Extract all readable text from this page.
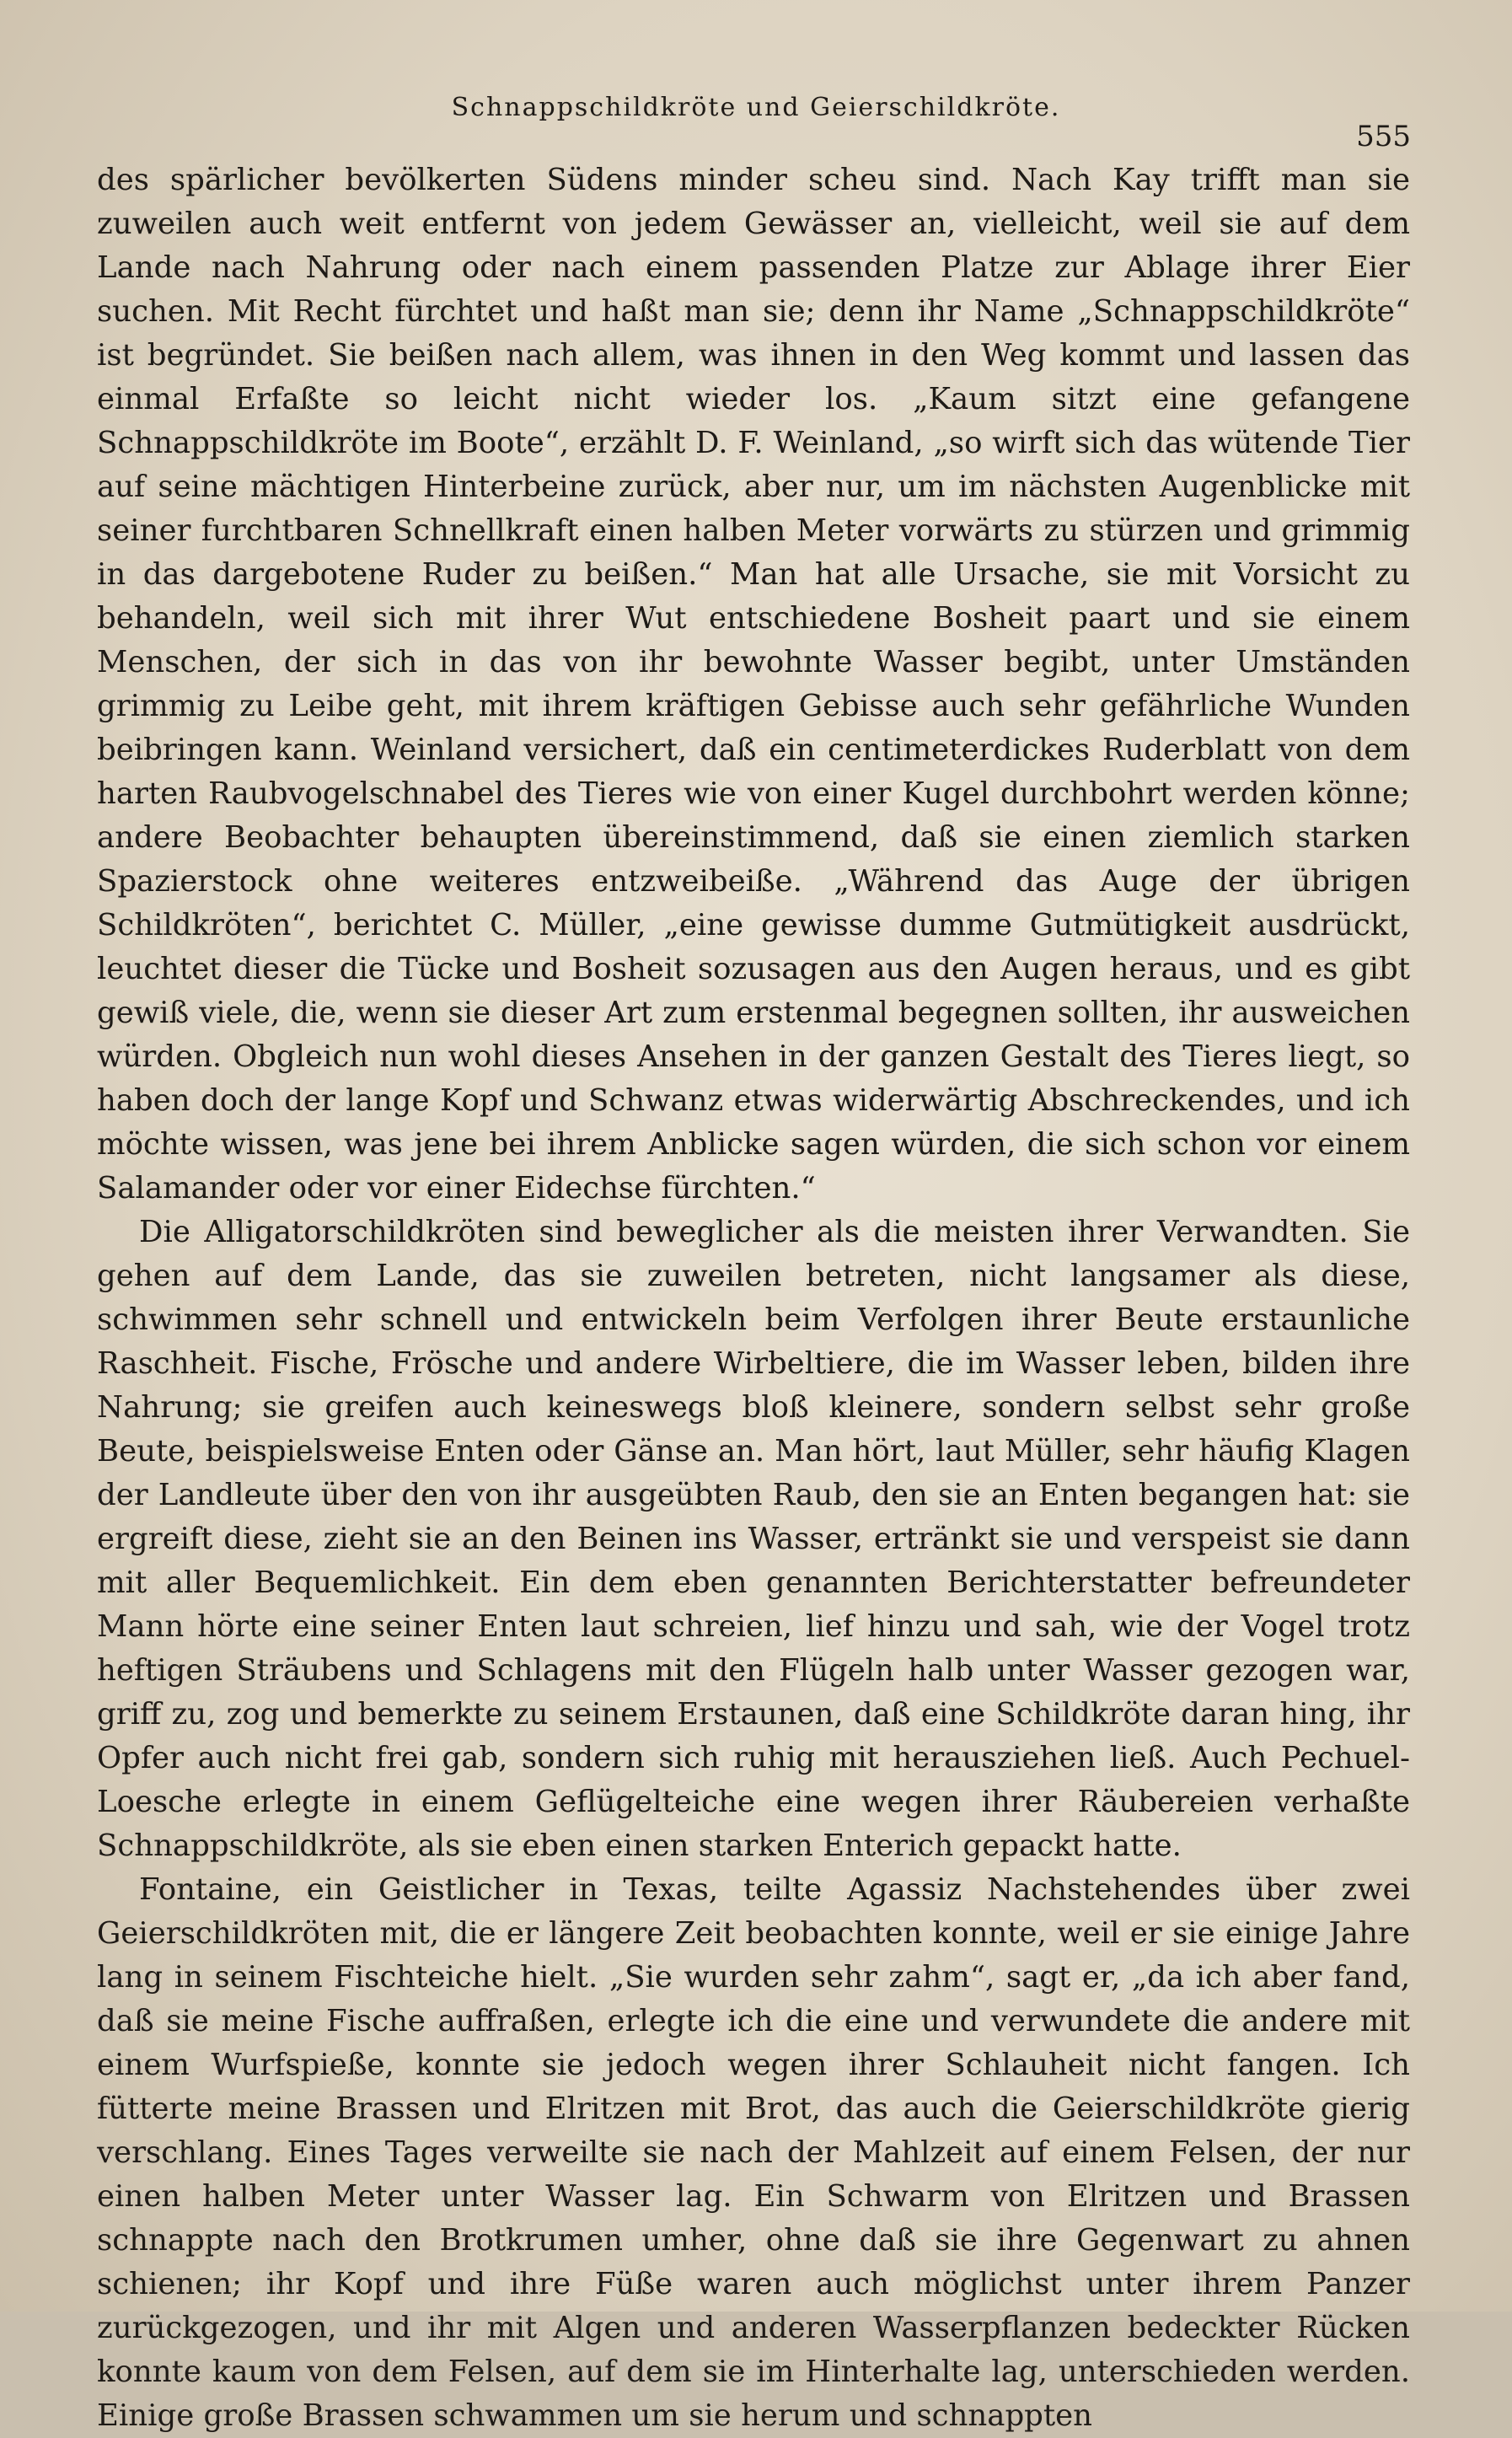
Schnappschildkröte und Geierschildkröte.
555

des spärlicher bevölkerten Südens minder scheu sind. Nach Kay trifft man sie zuweilen auch weit entfernt von jedem Gewässer an, vielleicht, weil sie auf dem Lande nach Nahrung oder nach einem passenden Platze zur Ablage ihrer Eier suchen. Mit Recht fürchtet und haßt man sie; denn ihr Name „Schnappschildkröte“ ist begründet. Sie beißen nach allem, was ihnen in den Weg kommt und lassen das einmal Erfaßte so leicht nicht wieder los. „Kaum sitzt eine gefangene Schnappschildkröte im Boote“, erzählt D. F. Weinland, „so wirft sich das wütende Tier auf seine mächtigen Hinterbeine zurück, aber nur, um im nächsten Augenblicke mit seiner furchtbaren Schnellkraft einen halben Meter vorwärts zu stürzen und grimmig in das dargebotene Ruder zu beißen.“ Man hat alle Ursache, sie mit Vorsicht zu behandeln, weil sich mit ihrer Wut entschiedene Bosheit paart und sie einem Menschen, der sich in das von ihr bewohnte Wasser begibt, unter Umständen grimmig zu Leibe geht, mit ihrem kräftigen Gebisse auch sehr gefährliche Wunden beibringen kann. Weinland versichert, daß ein centimeterdickes Ruderblatt von dem harten Raubvogelschnabel des Tieres wie von einer Kugel durchbohrt werden könne; andere Beobachter behaupten übereinstimmend, daß sie einen ziemlich starken Spazierstock ohne weiteres entzweibeiße. „Während das Auge der übrigen Schildkröten“, berichtet C. Müller, „eine gewisse dumme Gutmütigkeit ausdrückt, leuchtet dieser die Tücke und Bosheit sozusagen aus den Augen heraus, und es gibt gewiß viele, die, wenn sie dieser Art zum erstenmal begegnen sollten, ihr ausweichen würden. Obgleich nun wohl dieses Ansehen in der ganzen Gestalt des Tieres liegt, so haben doch der lange Kopf und Schwanz etwas widerwärtig Abschreckendes, und ich möchte wissen, was jene bei ihrem Anblicke sagen würden, die sich schon vor einem Salamander oder vor einer Eidechse fürchten.“

Die Alligatorschildkröten sind beweglicher als die meisten ihrer Verwandten. Sie gehen auf dem Lande, das sie zuweilen betreten, nicht langsamer als diese, schwimmen sehr schnell und entwickeln beim Verfolgen ihrer Beute erstaunliche Raschheit. Fische, Frösche und andere Wirbeltiere, die im Wasser leben, bilden ihre Nahrung; sie greifen auch keineswegs bloß kleinere, sondern selbst sehr große Beute, beispielsweise Enten oder Gänse an. Man hört, laut Müller, sehr häufig Klagen der Landleute über den von ihr ausgeübten Raub, den sie an Enten begangen hat: sie ergreift diese, zieht sie an den Beinen ins Wasser, ertränkt sie und verspeist sie dann mit aller Bequemlichkeit. Ein dem eben genannten Berichterstatter befreundeter Mann hörte eine seiner Enten laut schreien, lief hinzu und sah, wie der Vogel trotz heftigen Sträubens und Schlagens mit den Flügeln halb unter Wasser gezogen war, griff zu, zog und bemerkte zu seinem Erstaunen, daß eine Schildkröte daran hing, ihr Opfer auch nicht frei gab, sondern sich ruhig mit herausziehen ließ. Auch Pechuel-Loesche erlegte in einem Geflügelteiche eine wegen ihrer Räubereien verhaßte Schnappschildkröte, als sie eben einen starken Enterich gepackt hatte.

Fontaine, ein Geistlicher in Texas, teilte Agassiz Nachstehendes über zwei Geierschildkröten mit, die er längere Zeit beobachten konnte, weil er sie einige Jahre lang in seinem Fischteiche hielt. „Sie wurden sehr zahm“, sagt er, „da ich aber fand, daß sie meine Fische auffraßen, erlegte ich die eine und verwundete die andere mit einem Wurfspieße, konnte sie jedoch wegen ihrer Schlauheit nicht fangen. Ich fütterte meine Brassen und Elritzen mit Brot, das auch die Geierschildkröte gierig verschlang. Eines Tages verweilte sie nach der Mahlzeit auf einem Felsen, der nur einen halben Meter unter Wasser lag. Ein Schwarm von Elritzen und Brassen schnappte nach den Brotkrumen umher, ohne daß sie ihre Gegenwart zu ahnen schienen; ihr Kopf und ihre Füße waren auch möglichst unter ihrem Panzer zurückgezogen, und ihr mit Algen und anderen Wasserpflanzen bedeckter Rücken konnte kaum von dem Felsen, auf dem sie im Hinterhalte lag, unterschieden werden. Einige große Brassen schwammen um sie herum und schnappten
